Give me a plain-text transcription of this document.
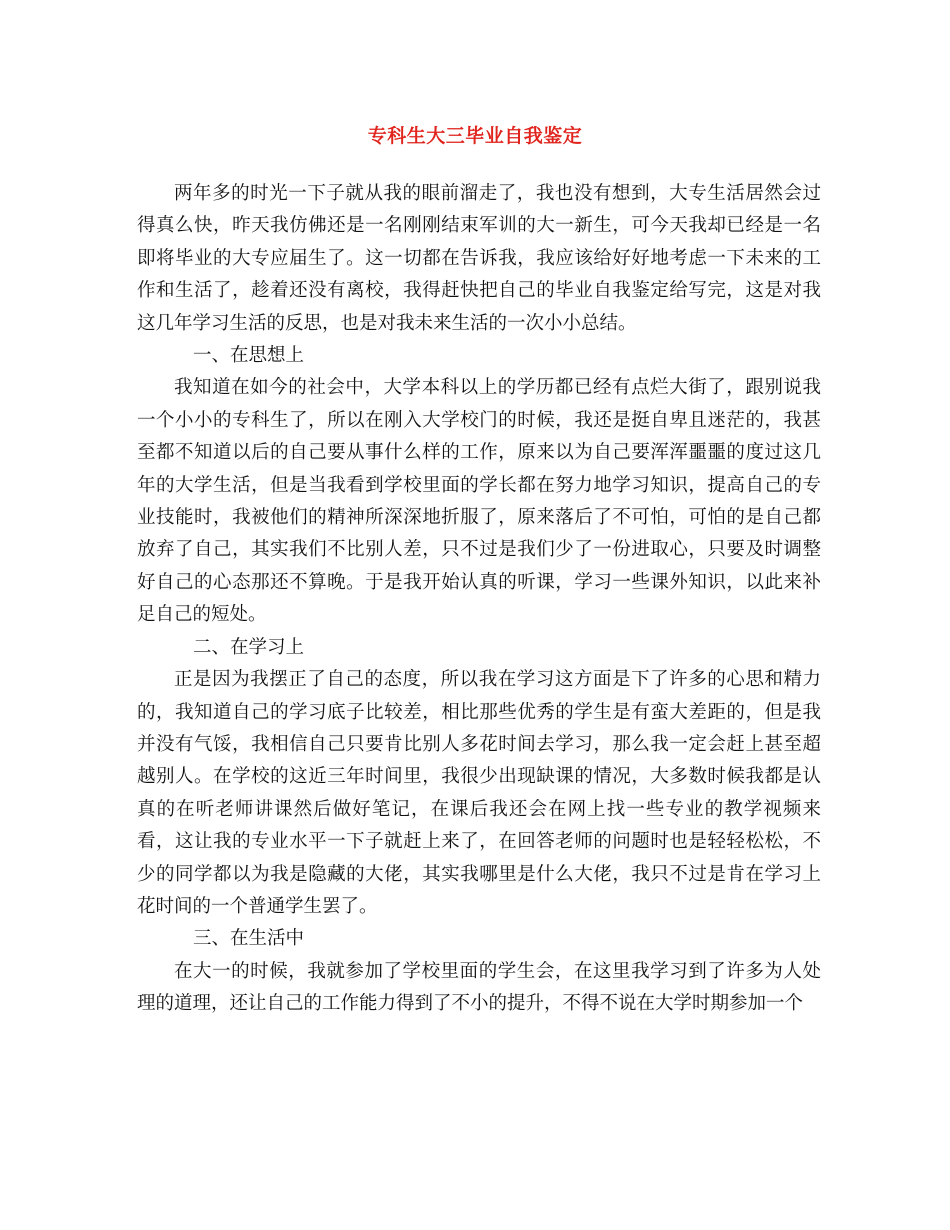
专科生大三毕业自我鉴定

两年多的时光一下子就从我的眼前溜走了，我也没有想到，大专生活居然会过得真么快，昨天我仿佛还是一名刚刚结束军训的大一新生，可今天我却已经是一名即将毕业的大专应届生了。这一切都在告诉我，我应该给好好地考虑一下未来的工作和生活了，趁着还没有离校，我得赶快把自己的毕业自我鉴定给写完，这是对我这几年学习生活的反思，也是对我未来生活的一次小小总结。

一、在思想上

我知道在如今的社会中，大学本科以上的学历都已经有点烂大街了，跟别说我一个小小的专科生了，所以在刚入大学校门的时候，我还是挺自卑且迷茫的，我甚至都不知道以后的自己要从事什么样的工作，原来以为自己要浑浑噩噩的度过这几年的大学生活，但是当我看到学校里面的学长都在努力地学习知识，提高自己的专业技能时，我被他们的精神所深深地折服了，原来落后了不可怕，可怕的是自己都放弃了自己，其实我们不比别人差，只不过是我们少了一份进取心，只要及时调整好自己的心态那还不算晚。于是我开始认真的听课，学习一些课外知识，以此来补足自己的短处。

二、在学习上

正是因为我摆正了自己的态度，所以我在学习这方面是下了许多的心思和精力的，我知道自己的学习底子比较差，相比那些优秀的学生是有蛮大差距的，但是我并没有气馁，我相信自己只要肯比别人多花时间去学习，那么我一定会赶上甚至超越别人。在学校的这近三年时间里，我很少出现缺课的情况，大多数时候我都是认真的在听老师讲课然后做好笔记，在课后我还会在网上找一些专业的教学视频来看，这让我的专业水平一下子就赶上来了，在回答老师的问题时也是轻轻松松，不少的同学都以为我是隐藏的大佬，其实我哪里是什么大佬，我只不过是肯在学习上花时间的一个普通学生罢了。

三、在生活中

在大一的时候，我就参加了学校里面的学生会，在这里我学习到了许多为人处理的道理，还让自己的工作能力得到了不小的提升，不得不说在大学时期参加一个
